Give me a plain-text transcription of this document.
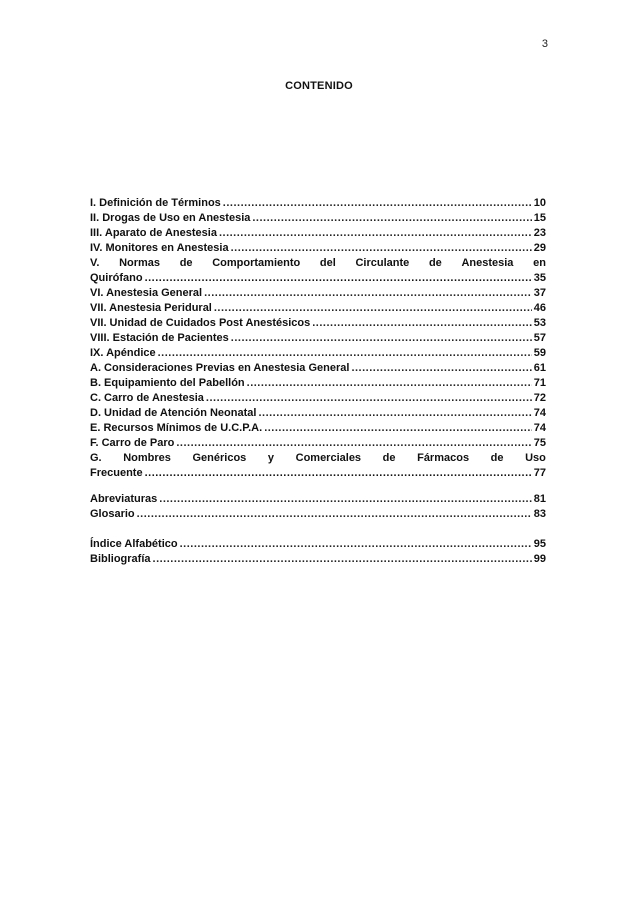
3
CONTENIDO
I. Definición de Términos .....	10
II. Drogas de Uso en Anestesia .....	15
III. Aparato de Anestesia .....	23
IV. Monitores en Anestesia .....	29
V. Normas de Comportamiento del Circulante de Anestesia en
Quirófano .....	35
VI. Anestesia General .....	37
VII. Anestesia Peridural .....	46
VII. Unidad de Cuidados Post Anestésicos .....	53
VIII. Estación de Pacientes .....	57
IX. Apéndice .....	59
A. Consideraciones Previas en Anestesia General .....	61
B. Equipamiento del Pabellón .....	71
C. Carro de Anestesia .....	72
D. Unidad de Atención Neonatal .....	74
E. Recursos Mínimos de U.C.P.A. .....	74
F. Carro de Paro .....	75
G. Nombres Genéricos y Comerciales de Fármacos de Uso
Frecuente .....	77
Abreviaturas .....	81
Glosario .....	83
Índice Alfabético .....	95
Bibliografía .....	99
